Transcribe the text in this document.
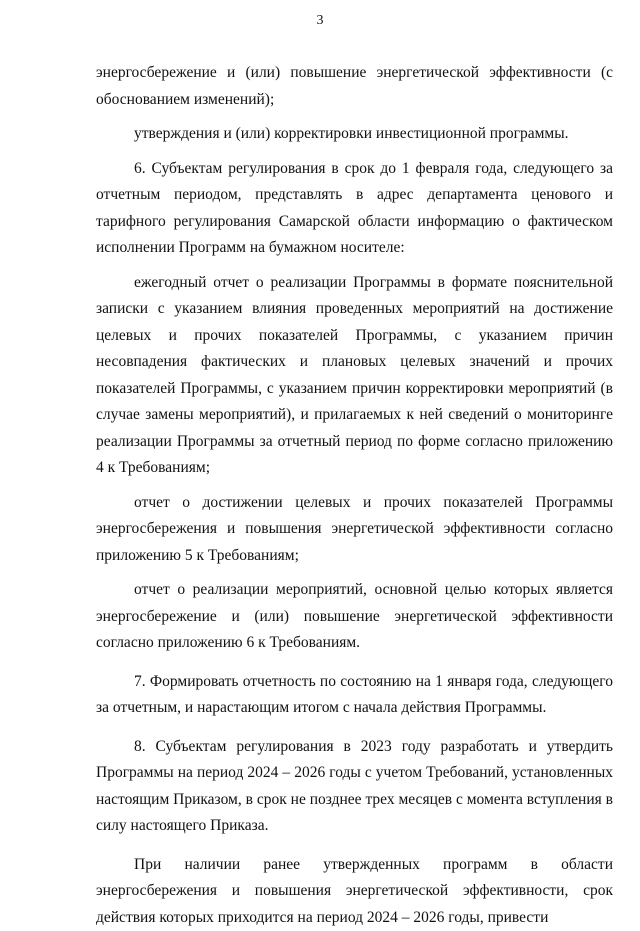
3

энергосбережение и (или) повышение энергетической эффективности (с обоснованием изменений);

утверждения и (или) корректировки инвестиционной программы.

6. Субъектам регулирования в срок до 1 февраля года, следующего за отчетным периодом, представлять в адрес департамента ценового и тарифного регулирования Самарской области информацию о фактическом исполнении Программ на бумажном носителе:

ежегодный отчет о реализации Программы в формате пояснительной записки с указанием влияния проведенных мероприятий на достижение целевых и прочих показателей Программы, с указанием причин несовпадения фактических и плановых целевых значений и прочих показателей Программы, с указанием причин корректировки мероприятий (в случае замены мероприятий), и прилагаемых к ней сведений о мониторинге реализации Программы за отчетный период по форме согласно приложению 4 к Требованиям;

отчет о достижении целевых и прочих показателей Программы энергосбережения и повышения энергетической эффективности согласно приложению 5 к Требованиям;

отчет о реализации мероприятий, основной целью которых является энергосбережение и (или) повышение энергетической эффективности согласно приложению 6 к Требованиям.

7. Формировать отчетность по состоянию на 1 января года, следующего за отчетным, и нарастающим итогом с начала действия Программы.

8. Субъектам регулирования в 2023 году разработать и утвердить Программы на период 2024 – 2026 годы с учетом Требований, установленных настоящим Приказом, в срок не позднее трех месяцев с момента вступления в силу настоящего Приказа.

При наличии ранее утвержденных программ в области энергосбережения и повышения энергетической эффективности, срок действия которых приходится на период 2024 – 2026 годы, привести
